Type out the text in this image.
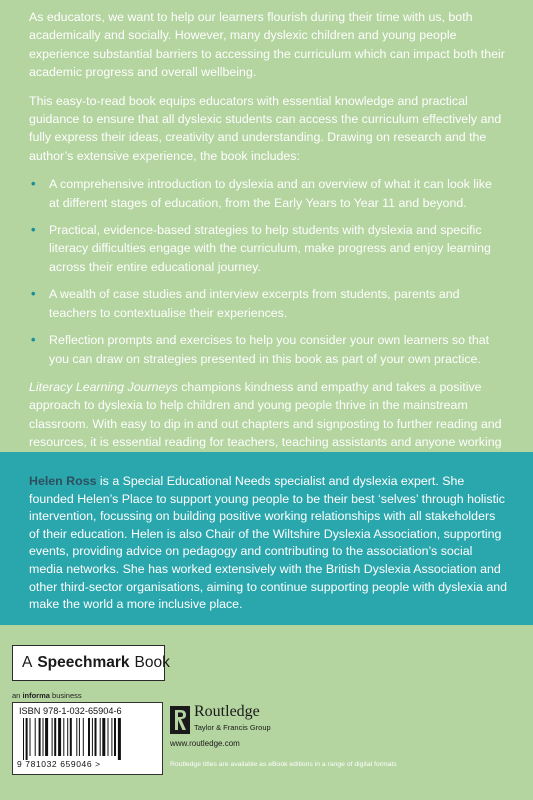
As educators, we want to help our learners flourish during their time with us, both academically and socially. However, many dyslexic children and young people experience substantial barriers to accessing the curriculum which can impact both their academic progress and overall wellbeing.

This easy-to-read book equips educators with essential knowledge and practical guidance to ensure that all dyslexic students can access the curriculum effectively and fully express their ideas, creativity and understanding. Drawing on research and the author’s extensive experience, the book includes:

• A comprehensive introduction to dyslexia and an overview of what it can look like at different stages of education, from the Early Years to Year 11 and beyond.
• Practical, evidence-based strategies to help students with dyslexia and specific literacy difficulties engage with the curriculum, make progress and enjoy learning across their entire educational journey.
• A wealth of case studies and interview excerpts from students, parents and teachers to contextualise their experiences.
• Reflection prompts and exercises to help you consider your own learners so that you can draw on strategies presented in this book as part of your own practice.

Literacy Learning Journeys champions kindness and empathy and takes a positive approach to dyslexia to help children and young people thrive in the mainstream classroom. With easy to dip in and out chapters and signposting to further reading and resources, it is essential reading for teachers, teaching assistants and anyone working

Helen Ross is a Special Educational Needs specialist and dyslexia expert. She founded Helen’s Place to support young people to be their best ‘selves’ through holistic intervention, focussing on building positive working relationships with all stakeholders of their education. Helen is also Chair of the Wiltshire Dyslexia Association, supporting events, providing advice on pedagogy and contributing to the association’s social media networks. She has worked extensively with the British Dyslexia Association and other third-sector organisations, aiming to continue supporting people with dyslexia and make the world a more inclusive place.

A Speechmark Book
an informa business
ISBN 978-1-032-65904-6
9 781032 659046 >
Routledge
Taylor & Francis Group
www.routledge.com
Routledge titles are available as eBook editions in a range of digital formats
